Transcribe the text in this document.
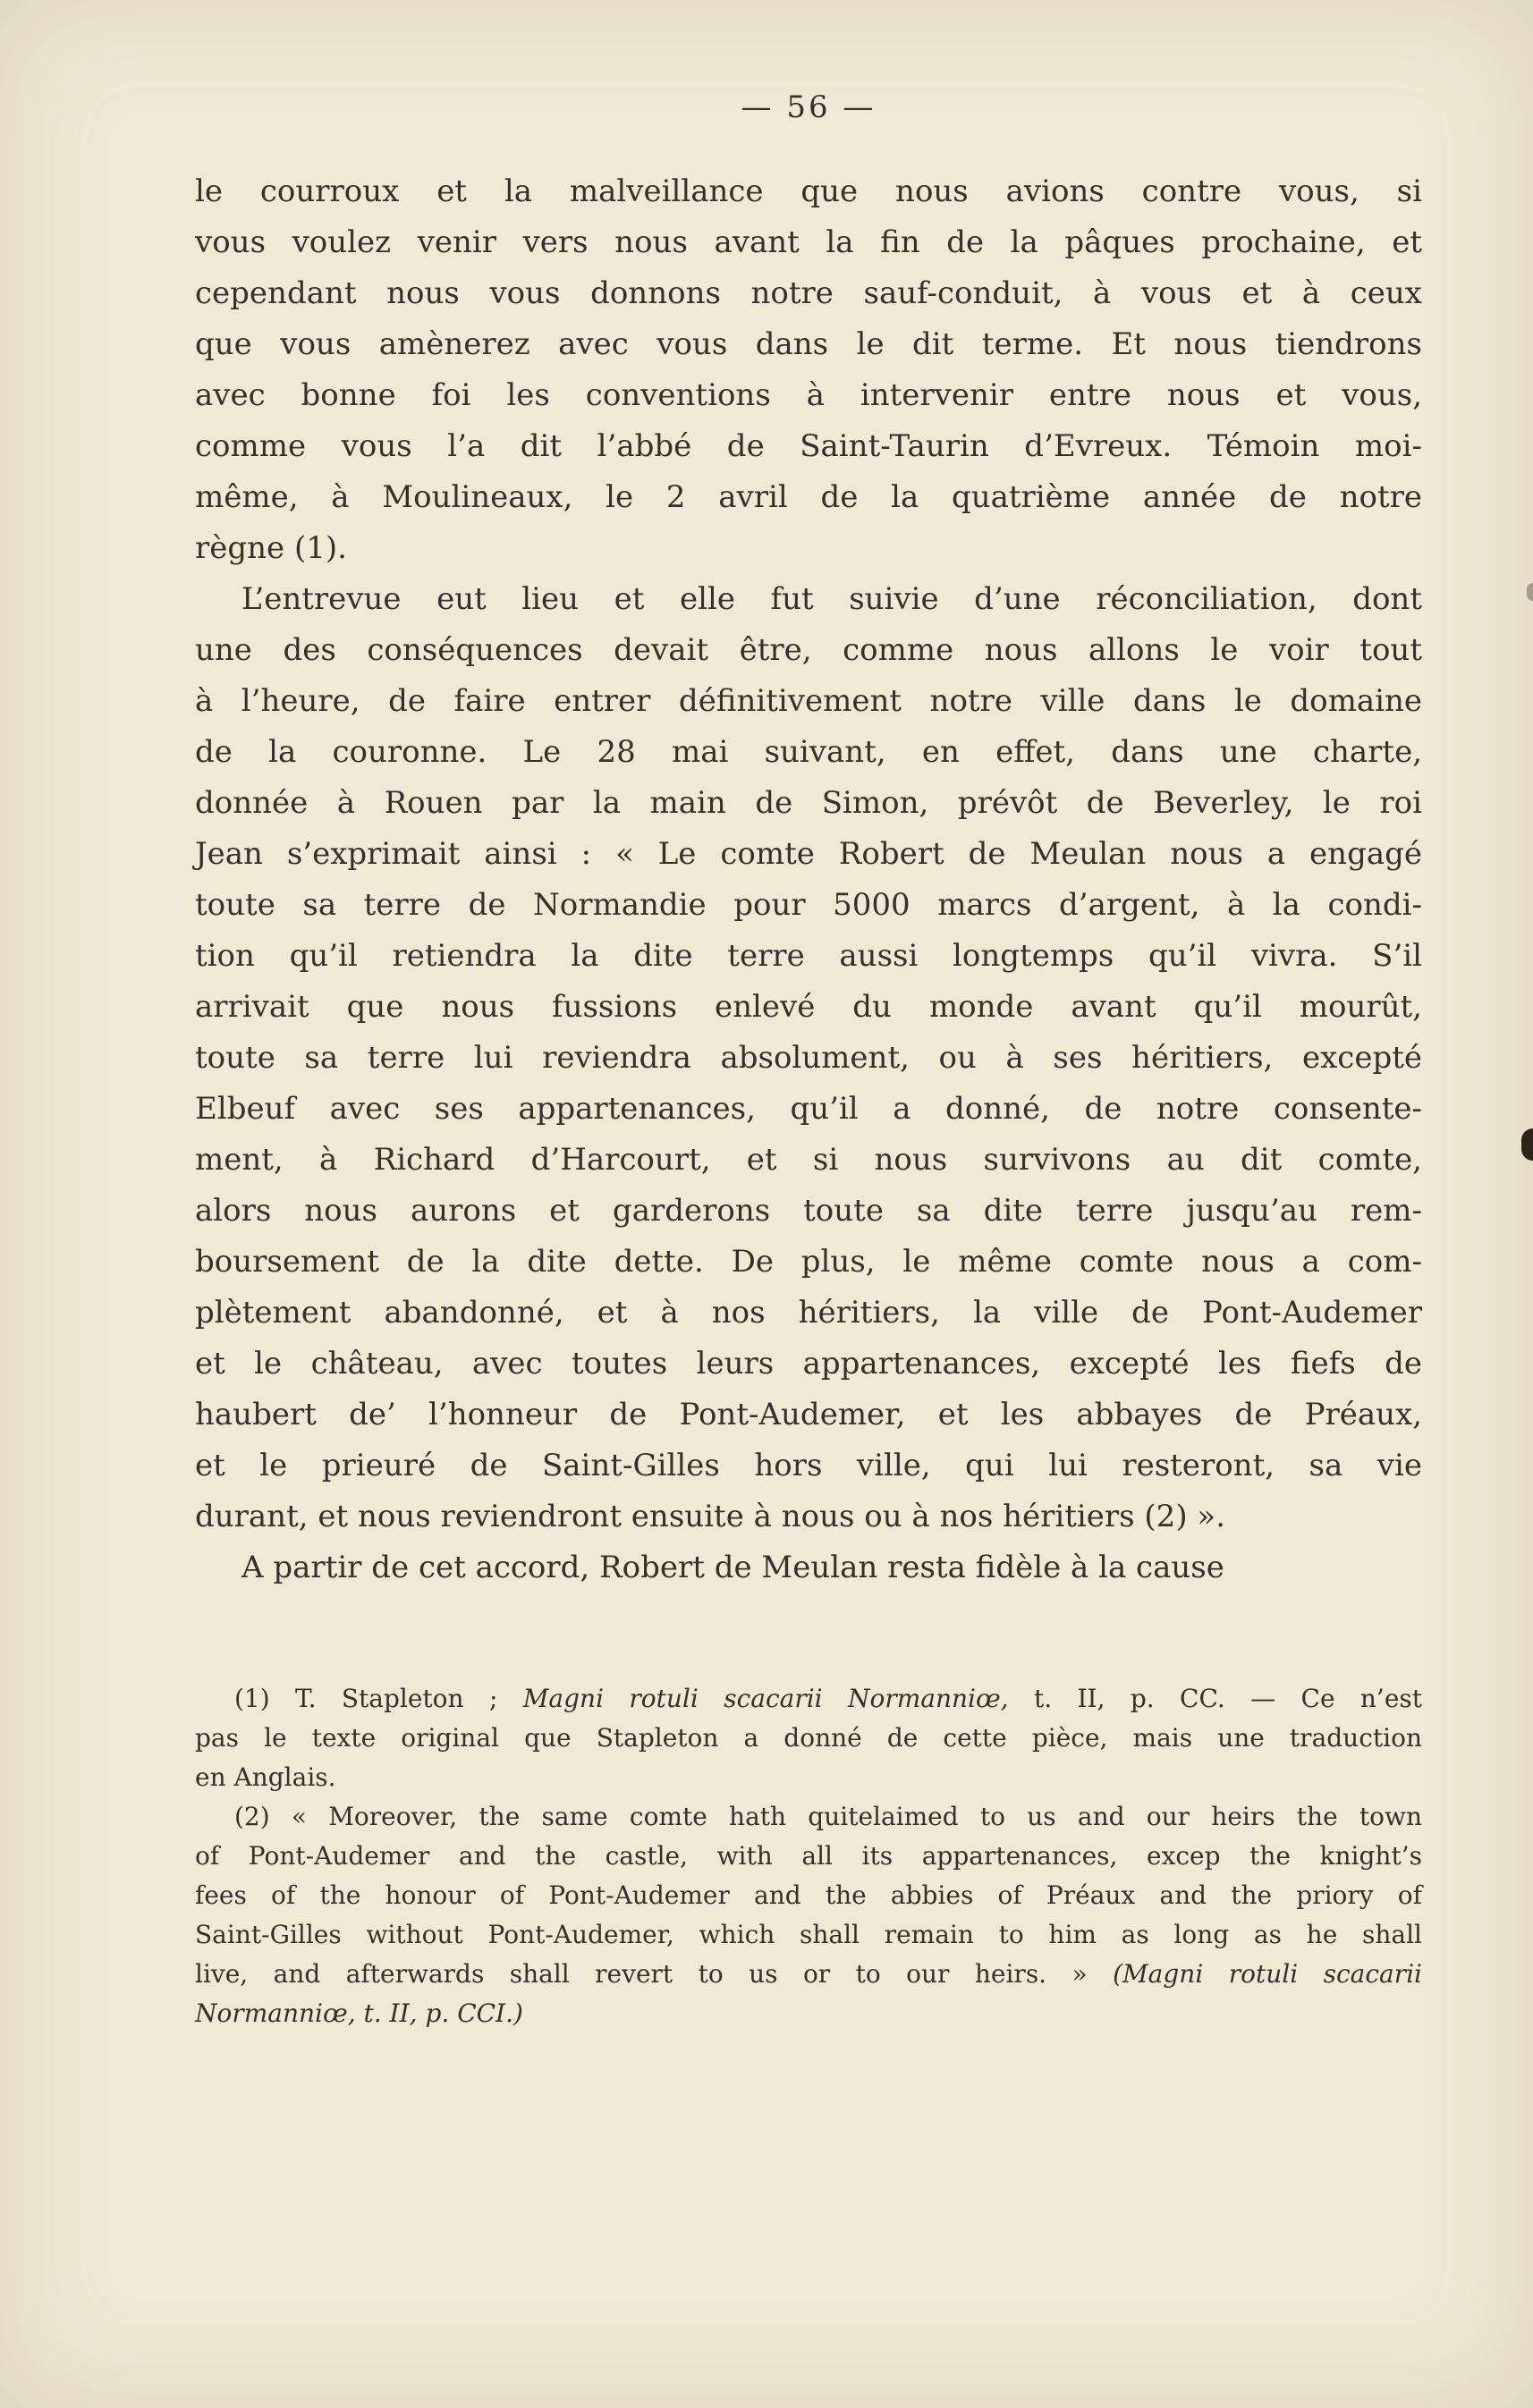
— 56 —
le courroux et la malveillance que nous avions contre vous, si
vous voulez venir vers nous avant la fin de la pâques prochaine, et
cependant nous vous donnons notre sauf-conduit, à vous et à ceux
que vous amènerez avec vous dans le dit terme. Et nous tiendrons
avec bonne foi les conventions à intervenir entre nous et vous,
comme vous l’a dit l’abbé de Saint-Taurin d’Evreux. Témoin moi-
même, à Moulineaux, le 2 avril de la quatrième année de notre
règne (1).
L’entrevue eut lieu et elle fut suivie d’une réconciliation, dont
une des conséquences devait être, comme nous allons le voir tout
à l’heure, de faire entrer définitivement notre ville dans le domaine
de la couronne. Le 28 mai suivant, en effet, dans une charte,
donnée à Rouen par la main de Simon, prévôt de Beverley, le roi
Jean s’exprimait ainsi : « Le comte Robert de Meulan nous a engagé
toute sa terre de Normandie pour 5000 marcs d’argent, à la condi-
tion qu’il retiendra la dite terre aussi longtemps qu’il vivra. S’il
arrivait que nous fussions enlevé du monde avant qu’il mourût,
toute sa terre lui reviendra absolument, ou à ses héritiers, excepté
Elbeuf avec ses appartenances, qu’il a donné, de notre consente-
ment, à Richard d’Harcourt, et si nous survivons au dit comte,
alors nous aurons et garderons toute sa dite terre jusqu’au rem-
boursement de la dite dette. De plus, le même comte nous a com-
plètement abandonné, et à nos héritiers, la ville de Pont-Audemer
et le château, avec toutes leurs appartenances, excepté les fiefs de
haubert de’ l’honneur de Pont-Audemer, et les abbayes de Préaux,
et le prieuré de Saint-Gilles hors ville, qui lui resteront, sa vie
durant, et nous reviendront ensuite à nous ou à nos héritiers (2) ».
A partir de cet accord, Robert de Meulan resta fidèle à la cause
(1) T. Stapleton ; Magni rotuli scacarii Normanniœ, t. II, p. CC. — Ce n’est
pas le texte original que Stapleton a donné de cette pièce, mais une traduction
en Anglais.
(2) « Moreover, the same comte hath quitelaimed to us and our heirs the town
of Pont-Audemer and the castle, with all its appartenances, excep the knight’s
fees of the honour of Pont-Audemer and the abbies of Préaux and the priory of
Saint-Gilles without Pont-Audemer, which shall remain to him as long as he shall
live, and afterwards shall revert to us or to our heirs. » (Magni rotuli scacarii
Normanniœ, t. II, p. CCI.)
